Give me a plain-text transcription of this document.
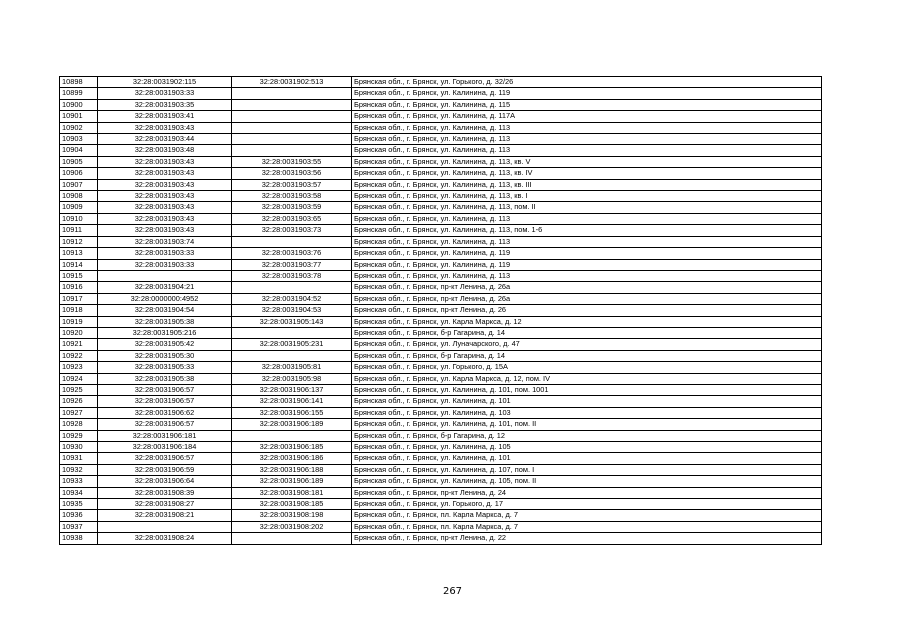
10898	32:28:0031902:115	32:28:0031902:513	Брянская обл., г. Брянск, ул. Горького, д. 32/26
10899	32:28:0031903:33		Брянская обл., г. Брянск, ул. Калинина, д. 119
10900	32:28:0031903:35		Брянская обл., г. Брянск, ул. Калинина, д. 115
10901	32:28:0031903:41		Брянская обл., г. Брянск, ул. Калинина, д. 117А
10902	32:28:0031903:43		Брянская обл., г. Брянск, ул. Калинина, д. 113
10903	32:28:0031903:44		Брянская обл., г. Брянск, ул. Калинина, д. 113
10904	32:28:0031903:48		Брянская обл., г. Брянск, ул. Калинина, д. 113
10905	32:28:0031903:43	32:28:0031903:55	Брянская обл., г. Брянск, ул. Калинина, д. 113, кв. V
10906	32:28:0031903:43	32:28:0031903:56	Брянская обл., г. Брянск, ул. Калинина, д. 113, кв. IV
10907	32:28:0031903:43	32:28:0031903:57	Брянская обл., г. Брянск, ул. Калинина, д. 113, кв. III
10908	32:28:0031903:43	32:28:0031903:58	Брянская обл., г. Брянск, ул. Калинина, д. 113, кв. I
10909	32:28:0031903:43	32:28:0031903:59	Брянская обл., г. Брянск, ул. Калинина, д. 113, пом. II
10910	32:28:0031903:43	32:28:0031903:65	Брянская обл., г. Брянск, ул. Калинина, д. 113
10911	32:28:0031903:43	32:28:0031903:73	Брянская обл., г. Брянск, ул. Калинина, д. 113, пом. 1-6
10912	32:28:0031903:74		Брянская обл., г. Брянск, ул. Калинина, д. 113
10913	32:28:0031903:33	32:28:0031903:76	Брянская обл., г. Брянск, ул. Калинина, д. 119
10914	32:28:0031903:33	32:28:0031903:77	Брянская обл., г. Брянск, ул. Калинина, д. 119
10915		32:28:0031903:78	Брянская обл., г. Брянск, ул. Калинина, д. 113
10916	32:28:0031904:21		Брянская обл., г. Брянск, пр-кт Ленина, д. 26а
10917	32:28:0000000:4952	32:28:0031904:52	Брянская обл., г. Брянск, пр-кт Ленина, д. 26а
10918	32:28:0031904:54	32:28:0031904:53	Брянская обл., г. Брянск, пр-кт Ленина, д. 26
10919	32:28:0031905:38	32:28:0031905:143	Брянская обл., г. Брянск, ул. Карла Маркса, д. 12
10920	32:28:0031905:216		Брянская обл., г. Брянск, б-р Гагарина, д. 14
10921	32:28:0031905:42	32:28:0031905:231	Брянская обл., г. Брянск, ул. Луначарского, д. 47
10922	32:28:0031905:30		Брянская обл., г. Брянск, б-р Гагарина, д. 14
10923	32:28:0031905:33	32:28:0031905:81	Брянская обл., г. Брянск, ул. Горького, д. 15А
10924	32:28:0031905:38	32:28:0031905:98	Брянская обл., г. Брянск, ул. Карла Маркса, д. 12, пом. IV
10925	32:28:0031906:57	32:28:0031906:137	Брянская обл., г. Брянск, ул. Калинина, д. 101, пом. 1001
10926	32:28:0031906:57	32:28:0031906:141	Брянская обл., г. Брянск, ул. Калинина, д. 101
10927	32:28:0031906:62	32:28:0031906:155	Брянская обл., г. Брянск, ул. Калинина, д. 103
10928	32:28:0031906:57	32:28:0031906:189	Брянская обл., г. Брянск, ул. Калинина, д. 101, пом. II
10929	32:28:0031906:181		Брянская обл., г. Брянск, б-р Гагарина, д. 12
10930	32:28:0031906:184	32:28:0031906:185	Брянская обл., г. Брянск, ул. Калинина, д. 105
10931	32:28:0031906:57	32:28:0031906:186	Брянская обл., г. Брянск, ул. Калинина, д. 101
10932	32:28:0031906:59	32:28:0031906:188	Брянская обл., г. Брянск, ул. Калинина, д. 107, пом. I
10933	32:28:0031906:64	32:28:0031906:189	Брянская обл., г. Брянск, ул. Калинина, д. 105, пом. II
10934	32:28:0031908:39	32:28:0031908:181	Брянская обл., г. Брянск, пр-кт Ленина, д. 24
10935	32:28:0031908:27	32:28:0031908:185	Брянская обл., г. Брянск, ул. Горького, д. 17
10936	32:28:0031908:21	32:28:0031908:198	Брянская обл., г. Брянск, пл. Карла Маркса, д. 7
10937		32:28:0031908:202	Брянская обл., г. Брянск, пл. Карла Маркса, д. 7
10938	32:28:0031908:24		Брянская обл., г. Брянск, пр-кт Ленина, д. 22
267
